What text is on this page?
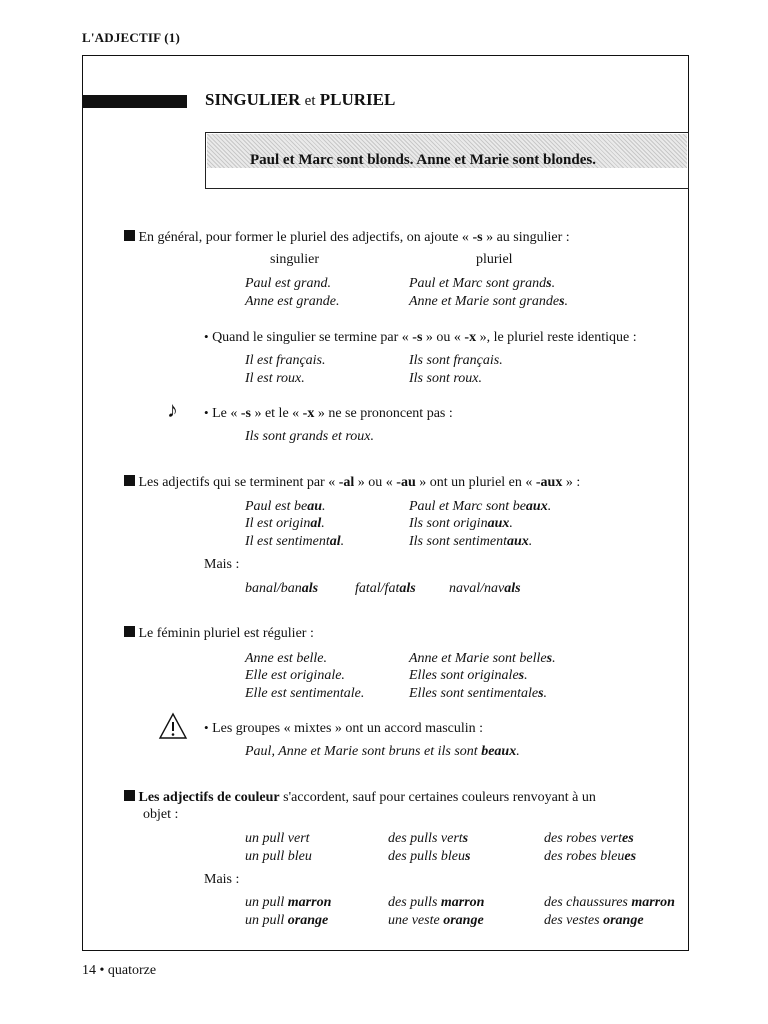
L'ADJECTIF (1)
SINGULIER et PLURIEL
Paul et Marc sont blonds. Anne et Marie sont blondes.
En général, pour former le pluriel des adjectifs, on ajoute « -s » au singulier :
singulier	pluriel
Paul est grand.	Paul et Marc sont grands.
Anne est grande.	Anne et Marie sont grandes.
• Quand le singulier se termine par « -s » ou « -x », le pluriel reste identique :
Il est français.	Ils sont français.
Il est roux.	Ils sont roux.
♪ • Le « -s » et le « -x » ne se prononcent pas :
Ils sont grands et roux.
Les adjectifs qui se terminent par « -al » ou « -au » ont un pluriel en « -aux » :
Paul est beau.	Paul et Marc sont beaux.
Il est original.	Ils sont originaux.
Il est sentimental.	Ils sont sentimentaux.
Mais :
banal/banals	fatal/fatals naval/navals
Le féminin pluriel est régulier :
Anne est belle.	Anne et Marie sont belles.
Elle est originale.	Elles sont originales.
Elle est sentimentale.	Elles sont sentimentales.
• Les groupes « mixtes » ont un accord masculin :
Paul, Anne et Marie sont bruns et ils sont beaux.
Les adjectifs de couleur s'accordent, sauf pour certaines couleurs renvoyant à un
objet :
un pull vert	des pulls verts	des robes vertes
un pull bleu	des pulls bleus	des robes bleues
Mais :
un pull marron	des pulls marron	des chaussures marron
un pull orange	une veste orange	des vestes orange
14 • quatorze
